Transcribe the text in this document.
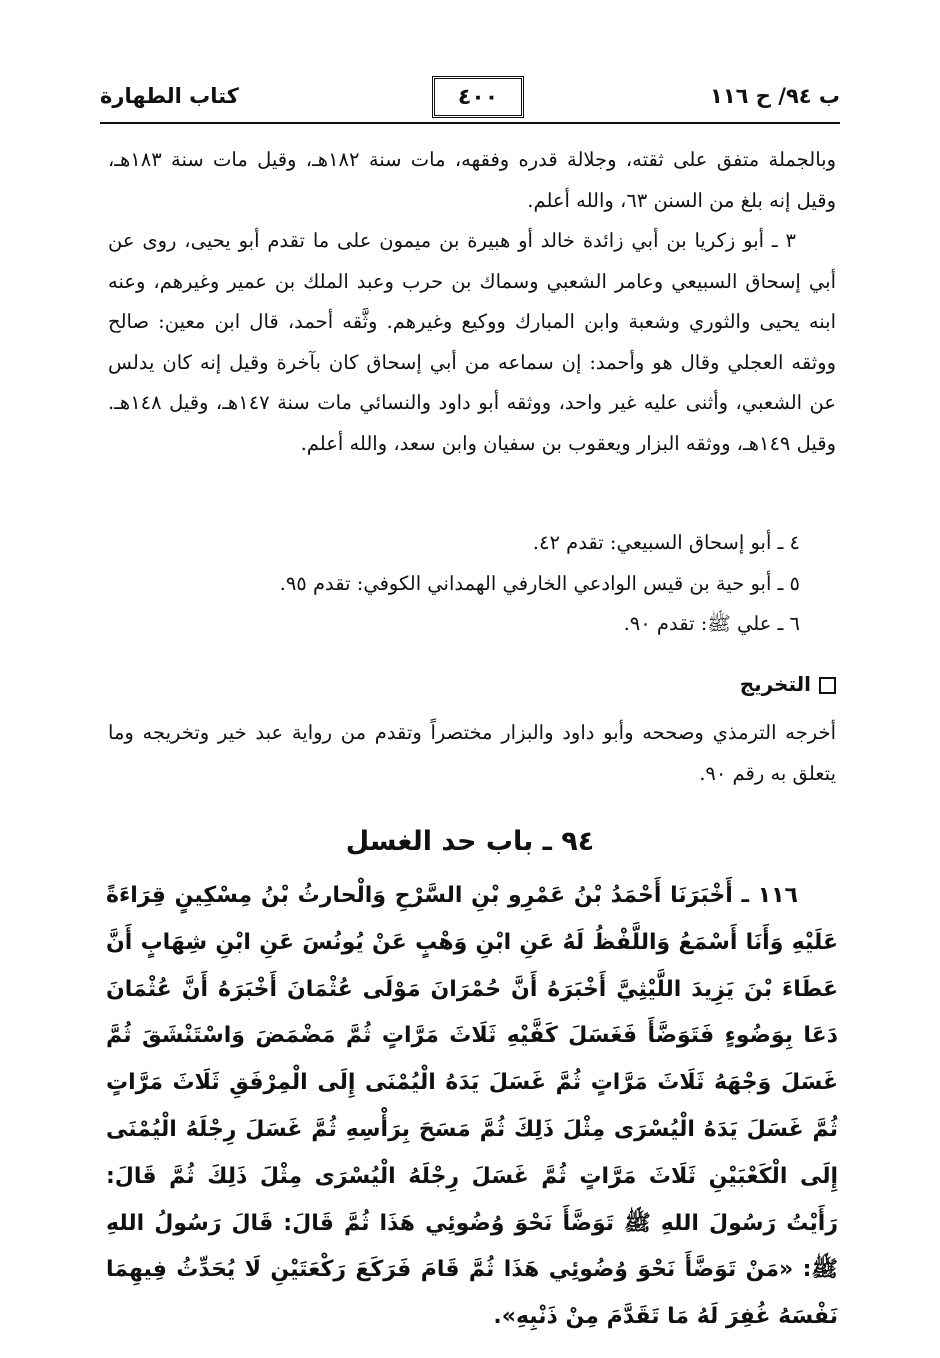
ب ٩٤/ ح ١١٦
٤٠٠
كتاب الطهارة

وبالجملة متفق على ثقته، وجلالة قدره وفقهه، مات سنة ١٨٢هـ، وقيل مات سنة ١٨٣هـ، وقيل إنه بلغ من السنن ٦٣، والله أعلم.

٣ ـ أبو زكريا بن أبي زائدة خالد أو هبيرة بن ميمون على ما تقدم أبو يحيى، روى عن أبي إسحاق السبيعي وعامر الشعبي وسماك بن حرب وعبد الملك بن عمير وغيرهم، وعنه ابنه يحيى والثوري وشعبة وابن المبارك ووكيع وغيرهم. وثَّقه أحمد، قال ابن معين: صالح ووثقه العجلي وقال هو وأحمد: إن سماعه من أبي إسحاق كان بآخرة وقيل إنه كان يدلس عن الشعبي، وأثنى عليه غير واحد، ووثقه أبو داود والنسائي مات سنة ١٤٧هـ، وقيل ١٤٨هـ. وقيل ١٤٩هـ، ووثقه البزار ويعقوب بن سفيان وابن سعد، والله أعلم.

٤ ـ أبو إسحاق السبيعي: تقدم ٤٢.

٥ ـ أبو حية بن قيس الوادعي الخارفي الهمداني الكوفي: تقدم ٩٥.

٦ ـ علي ﷺ: تقدم ٩٠.

التخريج

أخرجه الترمذي وصححه وأبو داود والبزار مختصراً وتقدم من رواية عبد خير وتخريجه وما يتعلق به رقم ٩٠.

٩٤ ـ باب حد الغسل
١١٦ ـ أَخْبَرَنَا أَحْمَدُ بْنُ عَمْرِو بْنِ السَّرْحِ وَالْحارثُ بْنُ مِسْكِينٍ قِرَاءَةً عَلَيْهِ وَأَنَا أَسْمَعُ وَاللَّفْظُ لَهُ عَنِ ابْنِ وَهْبٍ عَنْ يُونُسَ عَنِ ابْنِ شِهَابٍ أَنَّ عَطَاءَ بْنَ يَزِيدَ اللَّيْثِيَّ أَخْبَرَهُ أَنَّ حُمْرَانَ مَوْلَى عُثْمَانَ أَخْبَرَهُ أَنَّ عُثْمَانَ دَعَا بِوَضُوءٍ فَتَوَضَّأَ فَغَسَلَ كَفَّيْهِ ثَلَاثَ مَرَّاتٍ ثُمَّ مَضْمَضَ وَاسْتَنْشَقَ ثُمَّ غَسَلَ وَجْهَهُ ثَلَاثَ مَرَّاتٍ ثُمَّ غَسَلَ يَدَهُ الْيُمْنَى إِلَى الْمِرْفَقِ ثَلَاثَ مَرَّاتٍ ثُمَّ غَسَلَ يَدَهُ الْيُسْرَى مِثْلَ ذَلِكَ ثُمَّ مَسَحَ بِرَأْسِهِ ثُمَّ غَسَلَ رِجْلَهُ الْيُمْنَى إِلَى الْكَعْبَيْنِ ثَلَاثَ مَرَّاتٍ ثُمَّ غَسَلَ رِجْلَهُ الْيُسْرَى مِثْلَ ذَلِكَ ثُمَّ قَالَ: رَأَيْتُ رَسُولَ اللهِ ﷺ تَوَضَّأَ نَحْوَ وُضُوئِي هَذَا ثُمَّ قَالَ: قَالَ رَسُولُ اللهِ ﷺ: «مَنْ تَوَضَّأَ نَحْوَ وُضُوئِي هَذَا ثُمَّ قَامَ فَرَكَعَ رَكْعَتَيْنِ لَا يُحَدِّثُ فِيهِمَا نَفْسَهُ غُفِرَ لَهُ مَا تَقَدَّمَ مِنْ ذَنْبِهِ».
